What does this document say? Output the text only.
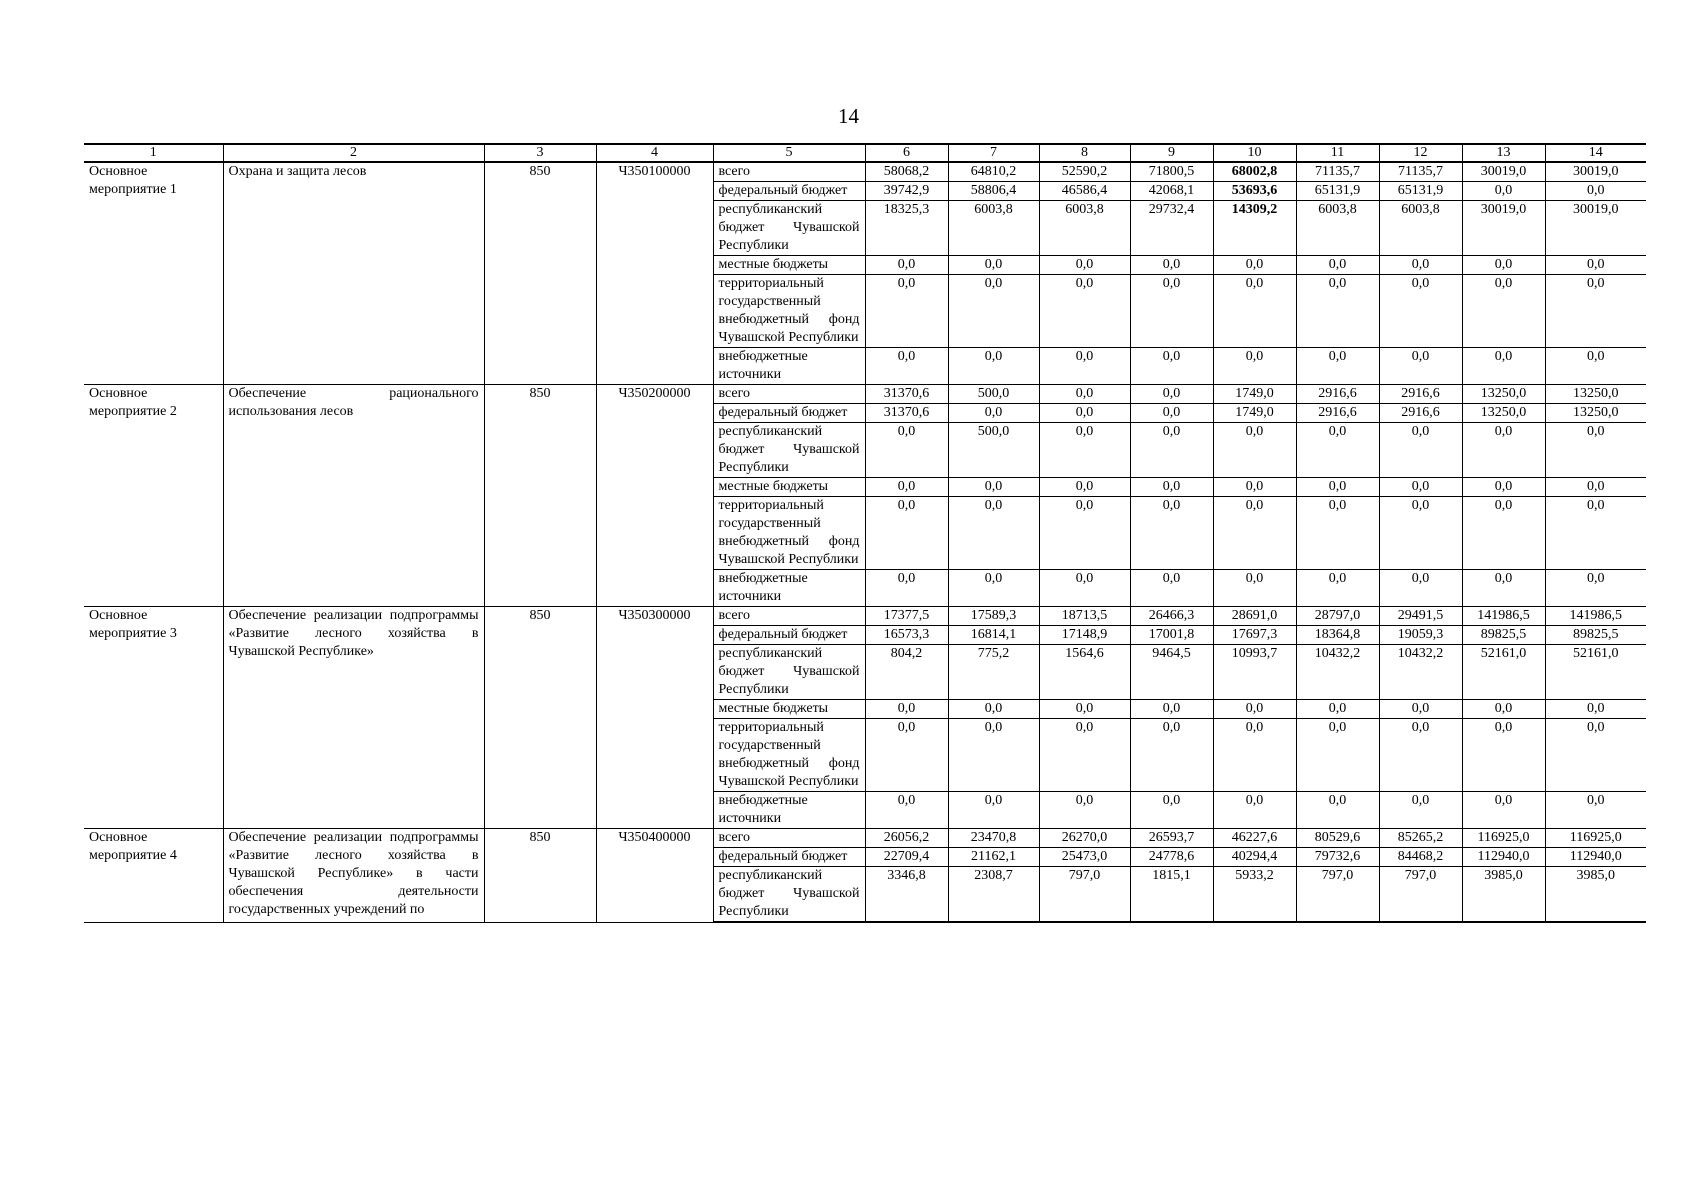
14
1	2	3	4	5	6	7	8	9	10	11	12	13	14
Основное мероприятие 1	Охрана и защита лесов	850	Ч350100000	всего	58068,2	64810,2	52590,2	71800,5	68002,8	71135,7	71135,7	30019,0	30019,0
				федеральный бюджет	39742,9	58806,4	46586,4	42068,1	53693,6	65131,9	65131,9	0,0	0,0
				республиканский бюджет Чувашской Республики	18325,3	6003,8	6003,8	29732,4	14309,2	6003,8	6003,8	30019,0	30019,0
				местные бюджеты	0,0	0,0	0,0	0,0	0,0	0,0	0,0	0,0	0,0
				территориальный государственный внебюджетный фонд Чувашской Республики	0,0	0,0	0,0	0,0	0,0	0,0	0,0	0,0	0,0
				внебюджетные источники	0,0	0,0	0,0	0,0	0,0	0,0	0,0	0,0	0,0
Основное мероприятие 2	Обеспечение рационального использования лесов	850	Ч350200000	всего	31370,6	500,0	0,0	0,0	1749,0	2916,6	2916,6	13250,0	13250,0
				федеральный бюджет	31370,6	0,0	0,0	0,0	1749,0	2916,6	2916,6	13250,0	13250,0
				республиканский бюджет Чувашской Республики	0,0	500,0	0,0	0,0	0,0	0,0	0,0	0,0	0,0
				местные бюджеты	0,0	0,0	0,0	0,0	0,0	0,0	0,0	0,0	0,0
				территориальный государственный внебюджетный фонд Чувашской Республики	0,0	0,0	0,0	0,0	0,0	0,0	0,0	0,0	0,0
				внебюджетные источники	0,0	0,0	0,0	0,0	0,0	0,0	0,0	0,0	0,0
Основное мероприятие 3	Обеспечение реализации подпрограммы «Развитие лесного хозяйства в Чувашской Республике»	850	Ч350300000	всего	17377,5	17589,3	18713,5	26466,3	28691,0	28797,0	29491,5	141986,5	141986,5
				федеральный бюджет	16573,3	16814,1	17148,9	17001,8	17697,3	18364,8	19059,3	89825,5	89825,5
				республиканский бюджет Чувашской Республики	804,2	775,2	1564,6	9464,5	10993,7	10432,2	10432,2	52161,0	52161,0
				местные бюджеты	0,0	0,0	0,0	0,0	0,0	0,0	0,0	0,0	0,0
				территориальный государственный внебюджетный фонд Чувашской Республики	0,0	0,0	0,0	0,0	0,0	0,0	0,0	0,0	0,0
				внебюджетные источники	0,0	0,0	0,0	0,0	0,0	0,0	0,0	0,0	0,0
Основное мероприятие 4	Обеспечение реализации подпрограммы «Развитие лесного хозяйства в Чувашской Республике» в части обеспечения деятельности государственных учреждений по	850	Ч350400000	всего	26056,2	23470,8	26270,0	26593,7	46227,6	80529,6	85265,2	116925,0	116925,0
				федеральный бюджет	22709,4	21162,1	25473,0	24778,6	40294,4	79732,6	84468,2	112940,0	112940,0
				республиканский бюджет Чувашской Республики	3346,8	2308,7	797,0	1815,1	5933,2	797,0	797,0	3985,0	3985,0
